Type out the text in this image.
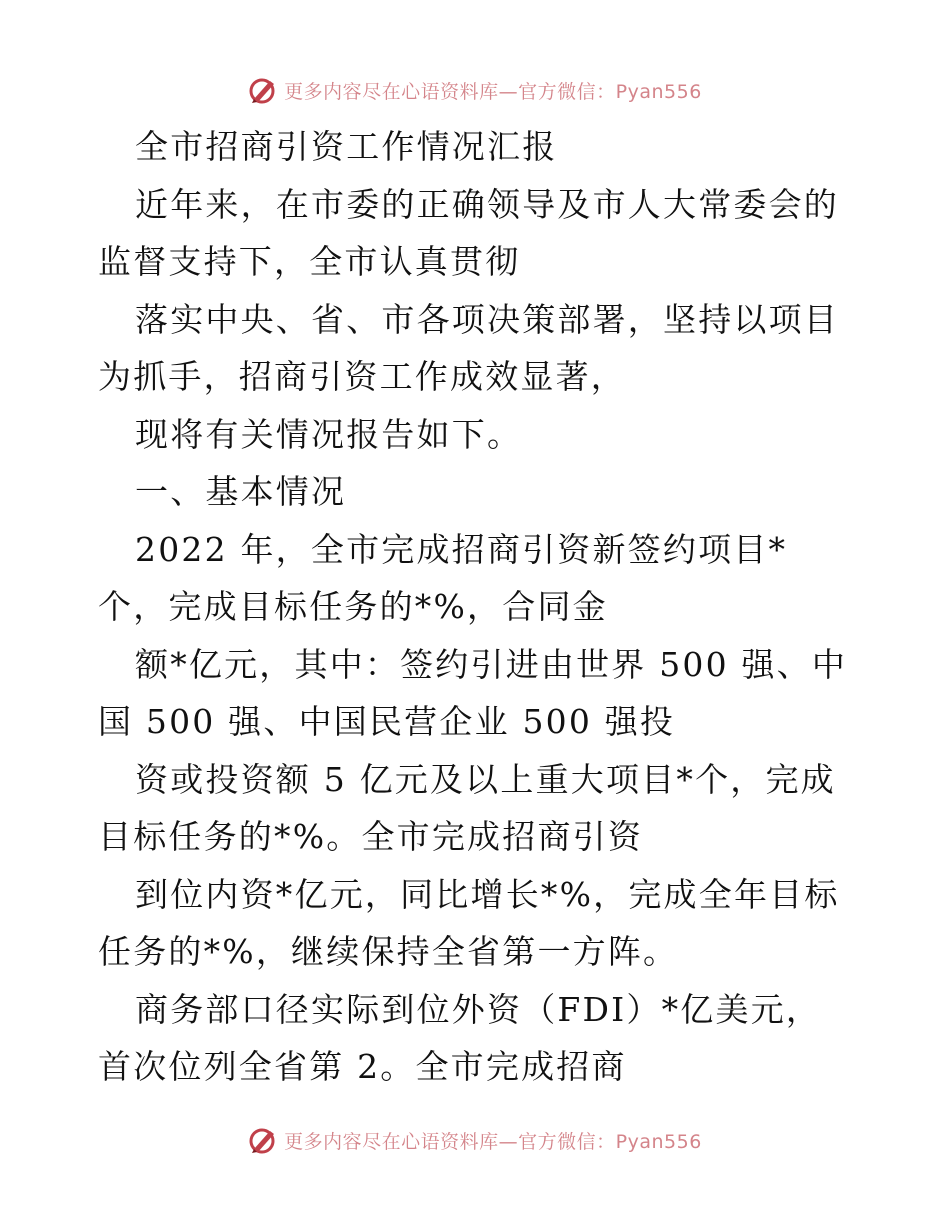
更多内容尽在心语资料库—官方微信：Pyan556

全市招商引资工作情况汇报

近年来，在市委的正确领导及市人大常委会的监督支持下，全市认真贯彻

落实中央、省、市各项决策部署，坚持以项目为抓手，招商引资工作成效显著，

现将有关情况报告如下。

一、基本情况

2022 年，全市完成招商引资新签约项目*个，完成目标任务的*%，合同金

额*亿元，其中：签约引进由世界 500 强、中国 500 强、中国民营企业 500 强投

资或投资额 5 亿元及以上重大项目*个，完成目标任务的*%。全市完成招商引资

到位内资*亿元，同比增长*%，完成全年目标任务的*%，继续保持全省第一方阵。

商务部口径实际到位外资（FDI）*亿美元，首次位列全省第 2。全市完成招商

更多内容尽在心语资料库—官方微信：Pyan556
